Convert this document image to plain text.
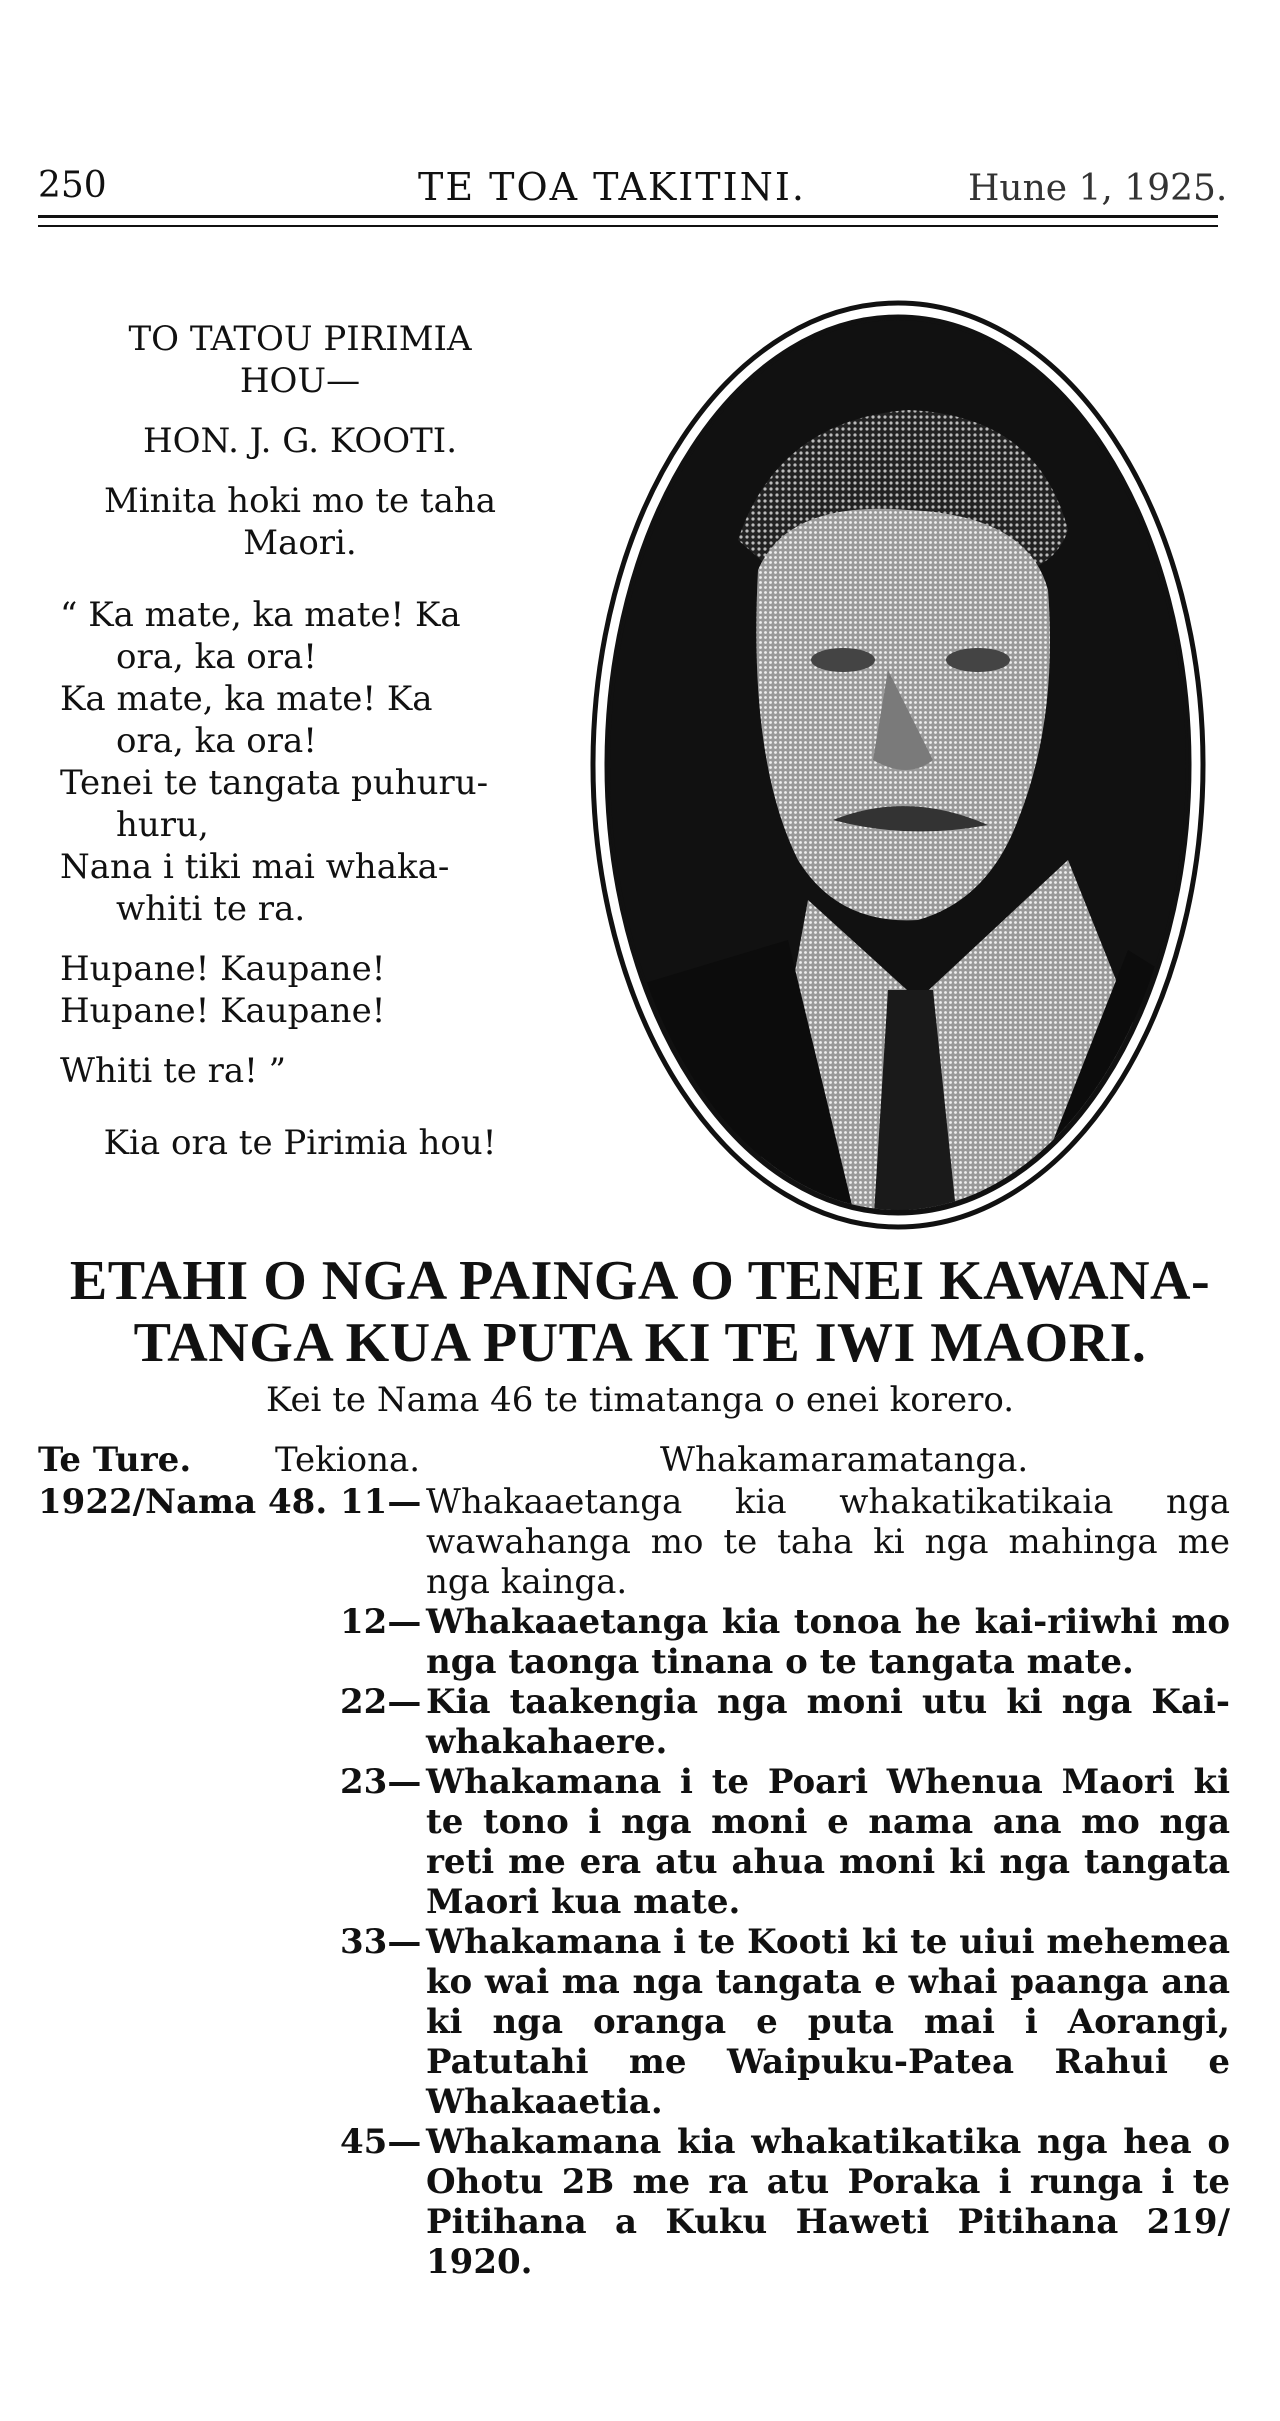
250	TE TOA TAKITINI.	Hune 1, 1925.
TO TATOU PIRIMIA
HOU—
HON. J. G. KOOTI.
Minita hoki mo te taha
Maori.
“ Ka mate, ka mate! Ka
ora, ka ora!
Ka mate, ka mate! Ka
ora, ka ora!
Tenei te tangata puhuru-
huru,
Nana i tiki mai whaka-
whiti te ra.
Hupane! Kaupane!
Hupane! Kaupane!
Whiti te ra! ”
Kia ora te Pirimia hou!
ETAHI O NGA PAINGA O TENEI KAWANA-
TANGA KUA PUTA KI TE IWI MAORI.
Kei te Nama 46 te timatanga o enei korero.
Te Ture. Tekiona.	Whakamaramatanga.
1922/Nama 48. 11— Whakaaetanga kia whakatikatikaia nga wawahanga mo te taha ki nga mahinga me nga kainga.
12— Whakaaetanga kia tonoa he kai-riiwhi mo nga taonga tinana o te tangata mate.
22— Kia taakengia nga moni utu ki nga Kai-whakahaere.
23— Whakamana i te Poari Whenua Maori ki te tono i nga moni e nama ana mo nga reti me era atu ahua moni ki nga tangata Maori kua mate.
33— Whakamana i te Kooti ki te uiui mehemea ko wai ma nga tangata e whai paanga ana ki nga oranga e puta mai i Aorangi, Patutahi me Waipuku-Patea Rahui e Whakaaetia.
45— Whakamana kia whakatikatika nga hea o Ohotu 2B me ra atu Poraka i runga i te Pitihana a Kuku Haweti Pitihana 219/ 1920.
